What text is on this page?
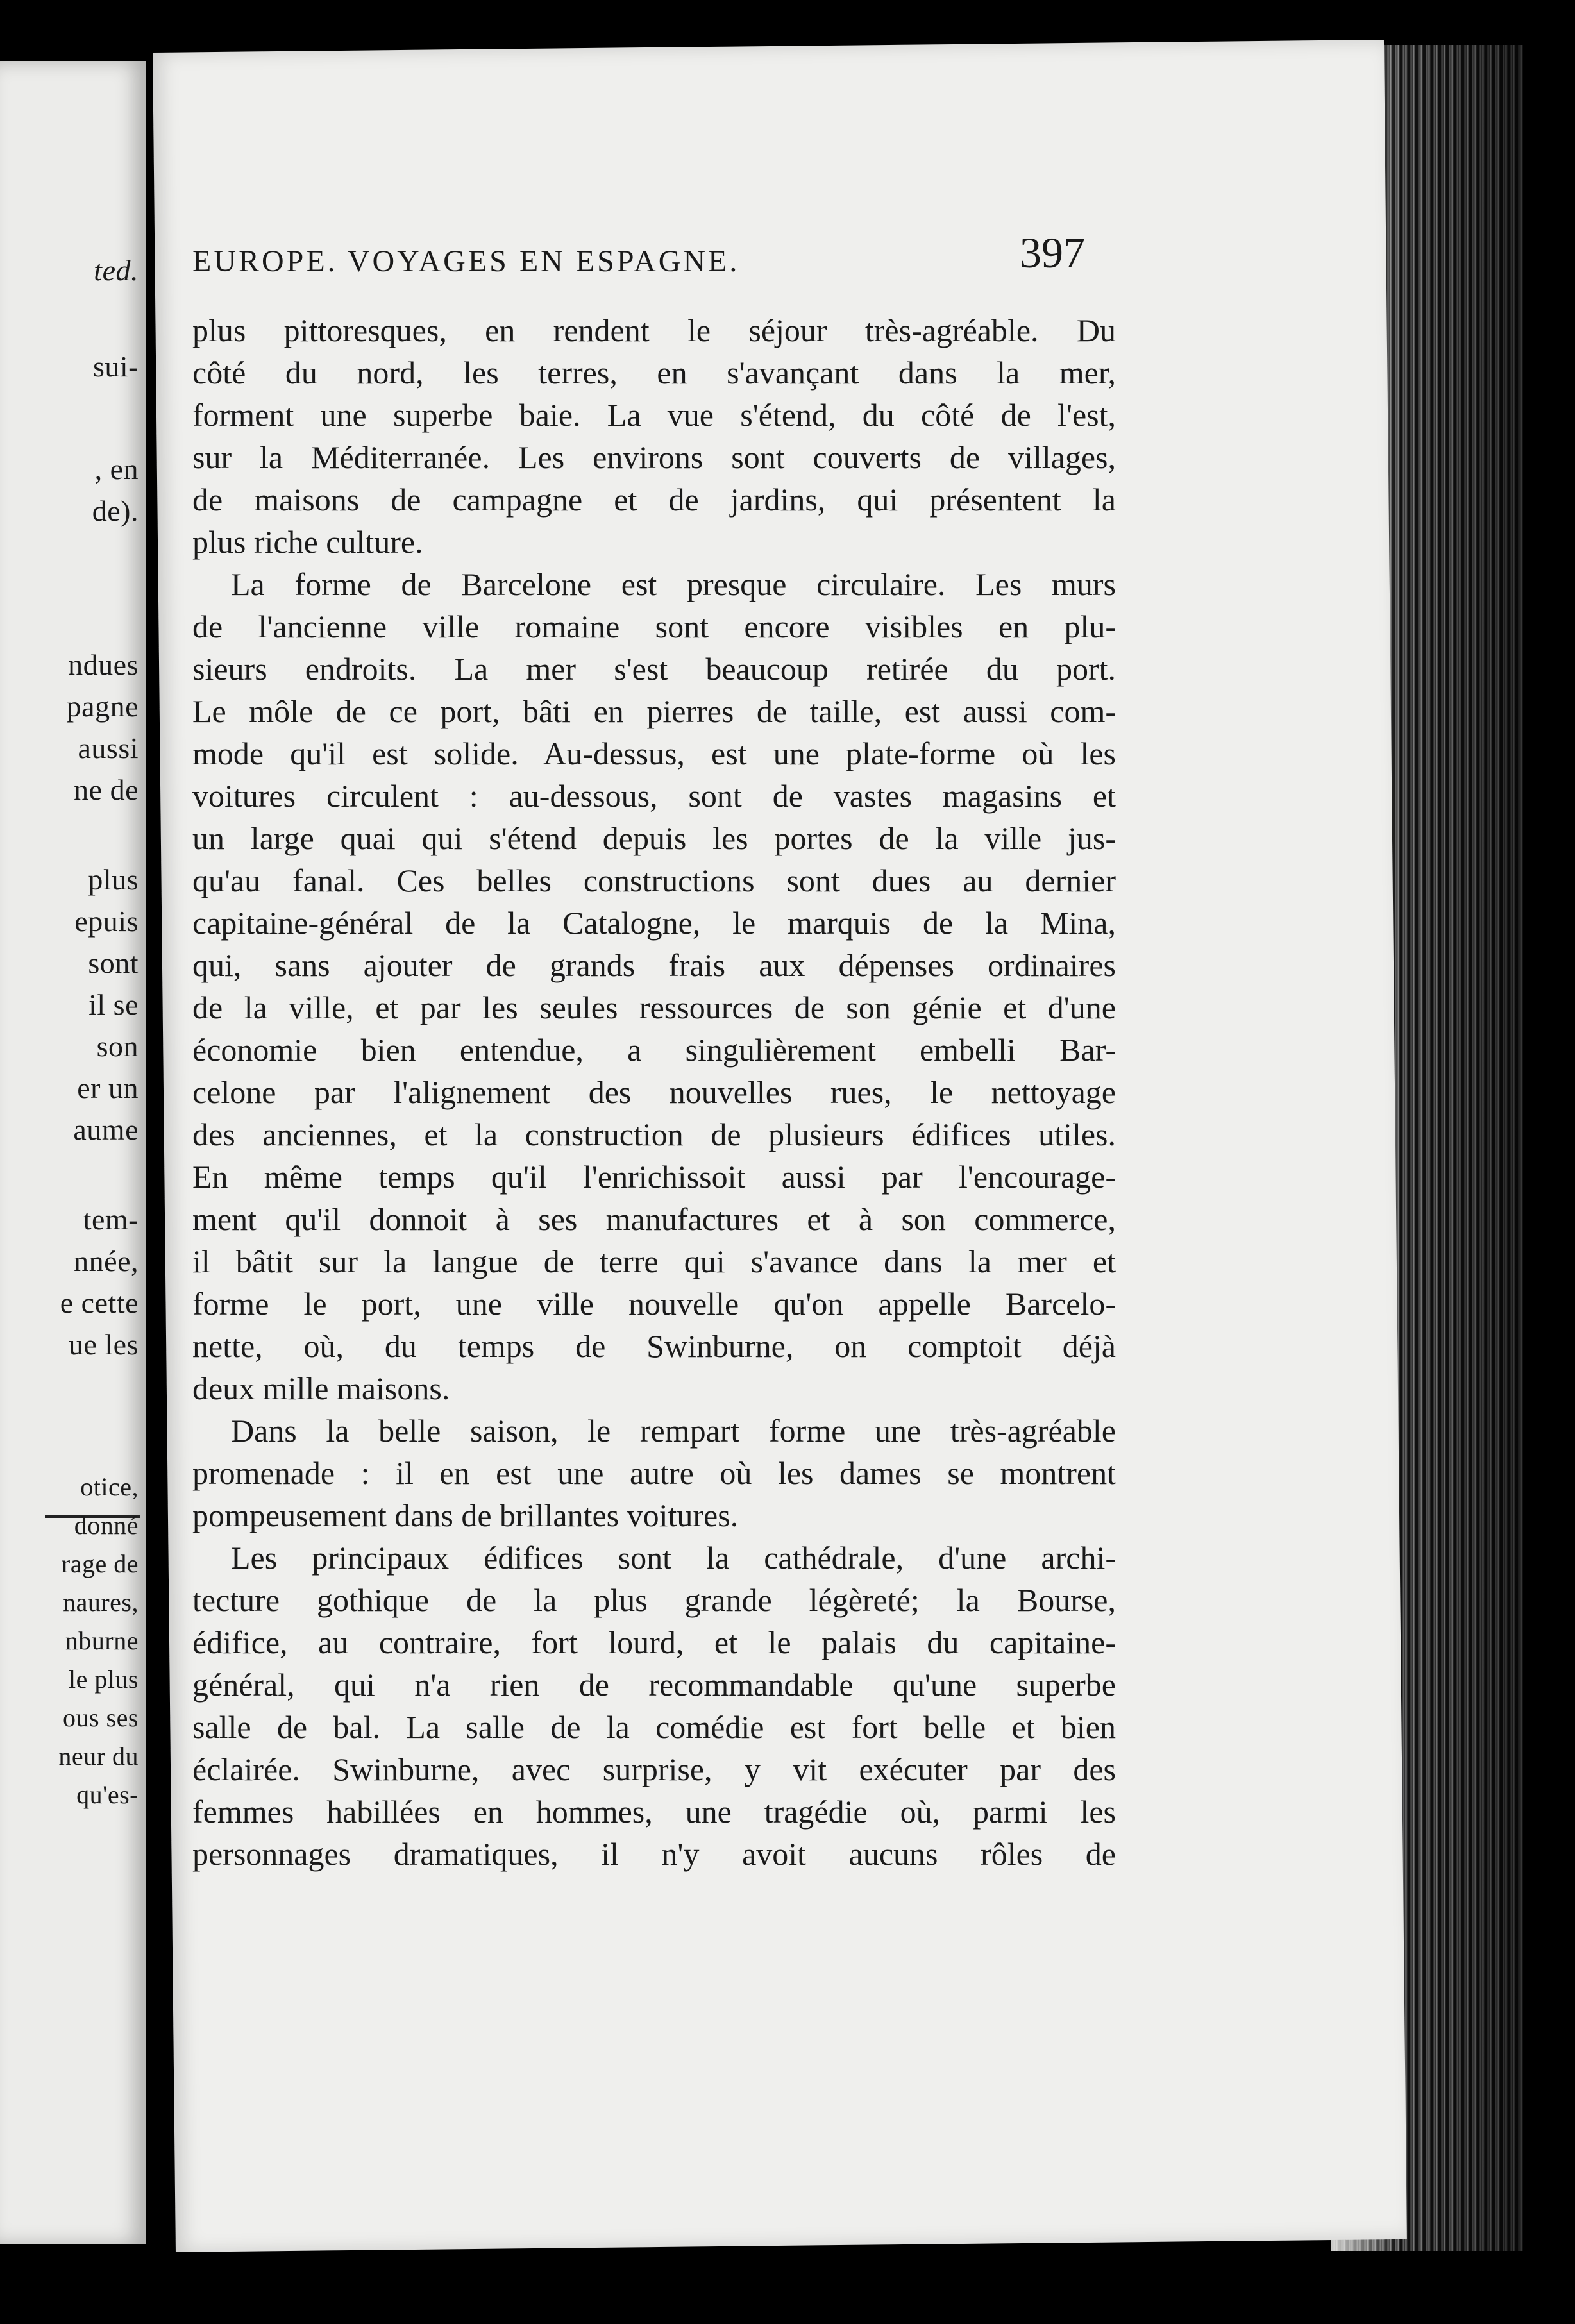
ted.
sui-
, en
de).
ndues
pagne
aussi
ne de
plus
epuis
sont
il se
son
er un
aume
tem-
nnée,
e cette
ue les
otice,
donné
rage de
naures,
nburne
le plus
ous ses
neur du
qu'es-
EUROPE. VOYAGES EN ESPAGNE.	397
plus pittoresques, en rendent le séjour très-agréable. Du
côté du nord, les terres, en s'avançant dans la mer,
forment une superbe baie. La vue s'étend, du côté de l'est,
sur la Méditerranée. Les environs sont couverts de villages,
de maisons de campagne et de jardins, qui présentent la
plus riche culture.
La forme de Barcelone est presque circulaire. Les murs
de l'ancienne ville romaine sont encore visibles en plu-
sieurs endroits. La mer s'est beaucoup retirée du port.
Le môle de ce port, bâti en pierres de taille, est aussi com-
mode qu'il est solide. Au-dessus, est une plate-forme où les
voitures circulent : au-dessous, sont de vastes magasins et
un large quai qui s'étend depuis les portes de la ville jus-
qu'au fanal. Ces belles constructions sont dues au dernier
capitaine-général de la Catalogne, le marquis de la Mina,
qui, sans ajouter de grands frais aux dépenses ordinaires
de la ville, et par les seules ressources de son génie et d'une
économie bien entendue, a singulièrement embelli Bar-
celone par l'alignement des nouvelles rues, le nettoyage
des anciennes, et la construction de plusieurs édifices utiles.
En même temps qu'il l'enrichissoit aussi par l'encourage-
ment qu'il donnoit à ses manufactures et à son commerce,
il bâtit sur la langue de terre qui s'avance dans la mer et
forme le port, une ville nouvelle qu'on appelle Barcelo-
nette, où, du temps de Swinburne, on comptoit déjà
deux mille maisons.
Dans la belle saison, le rempart forme une très-agréable
promenade : il en est une autre où les dames se montrent
pompeusement dans de brillantes voitures.
Les principaux édifices sont la cathédrale, d'une archi-
tecture gothique de la plus grande légèreté; la Bourse,
édifice, au contraire, fort lourd, et le palais du capitaine-
général, qui n'a rien de recommandable qu'une superbe
salle de bal. La salle de la comédie est fort belle et bien
éclairée. Swinburne, avec surprise, y vit exécuter par des
femmes habillées en hommes, une tragédie où, parmi les
personnages dramatiques, il n'y avoit aucuns rôles de
